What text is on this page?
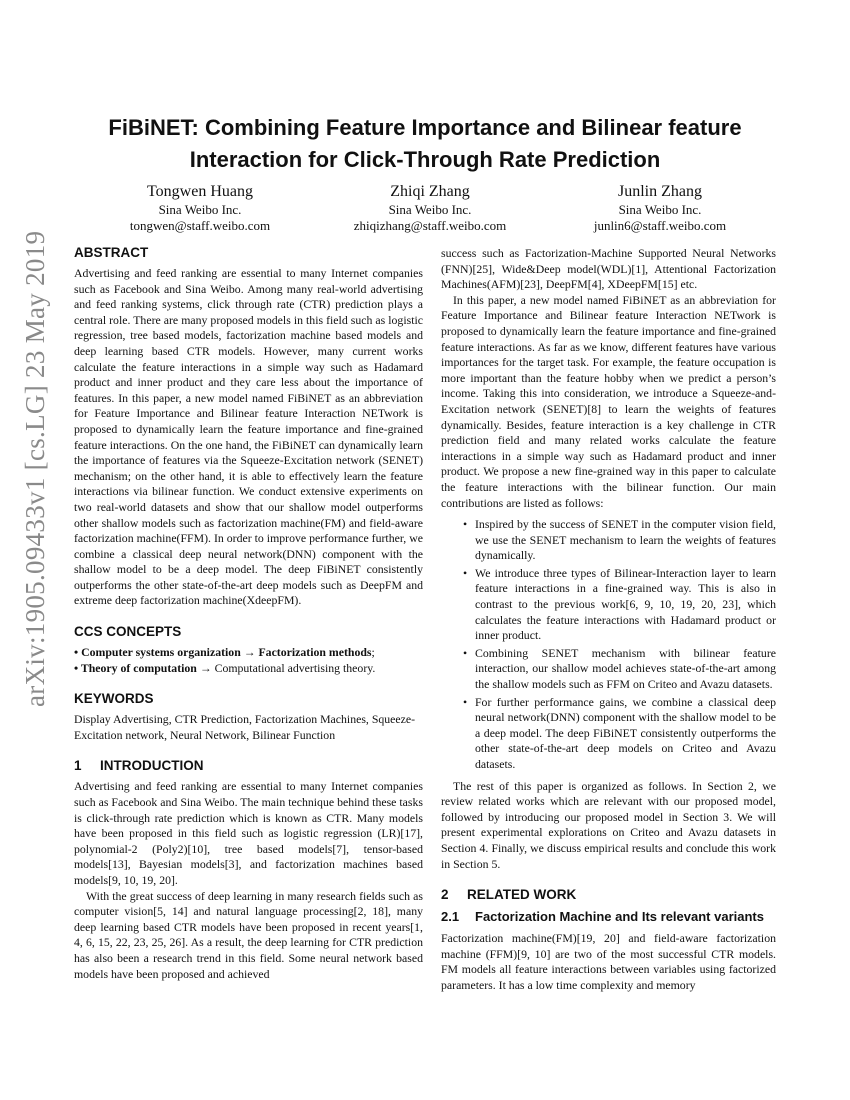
arXiv:1905.09433v1 [cs.LG] 23 May 2019
FiBiNET: Combining Feature Importance and Bilinear feature
Interaction for Click-Through Rate Prediction
Tongwen Huang
Sina Weibo Inc.
tongwen@staff.weibo.com
Zhiqi Zhang
Sina Weibo Inc.
zhiqizhang@staff.weibo.com
Junlin Zhang
Sina Weibo Inc.
junlin6@staff.weibo.com
ABSTRACT

Advertising and feed ranking are essential to many Internet companies such as Facebook and Sina Weibo. Among many real-world advertising and feed ranking systems, click through rate (CTR) prediction plays a central role. There are many proposed models in this field such as logistic regression, tree based models, factorization machine based models and deep learning based CTR models. However, many current works calculate the feature interactions in a simple way such as Hadamard product and inner product and they care less about the importance of features. In this paper, a new model named FiBiNET as an abbreviation for Feature Importance and Bilinear feature Interaction NETwork is proposed to dynamically learn the feature importance and fine-grained feature interactions. On the one hand, the FiBiNET can dynamically learn the importance of features via the Squeeze-Excitation network (SENET) mechanism; on the other hand, it is able to effectively learn the feature interactions via bilinear function. We conduct extensive experiments on two real-world datasets and show that our shallow model outperforms other shallow models such as factorization machine(FM) and field-aware factorization machine(FFM). In order to improve performance further, we combine a classical deep neural network(DNN) component with the shallow model to be a deep model. The deep FiBiNET consistently outperforms the other state-of-the-art deep models such as DeepFM and extreme deep factorization machine(XdeepFM).

CCS CONCEPTS
• Computer systems organization → Factorization methods;
• Theory of computation → Computational advertising theory.
KEYWORDS

Display Advertising, CTR Prediction, Factorization Machines, Squeeze-Excitation network, Neural Network, Bilinear Function

1 INTRODUCTION

Advertising and feed ranking are essential to many Internet companies such as Facebook and Sina Weibo. The main technique behind these tasks is click-through rate prediction which is known as CTR. Many models have been proposed in this field such as logistic regression (LR)[17], polynomial-2 (Poly2)[10], tree based models[7], tensor-based models[13], Bayesian models[3], and factorization machines based models[9, 10, 19, 20].

With the great success of deep learning in many research fields such as computer vision[5, 14] and natural language processing[2, 18], many deep learning based CTR models have been proposed in recent years[1, 4, 6, 15, 22, 23, 25, 26]. As a result, the deep learning for CTR prediction has also been a research trend in this field. Some neural network based models have been proposed and achieved

success such as Factorization-Machine Supported Neural Networks (FNN)[25], Wide&Deep model(WDL)[1], Attentional Factorization Machines(AFM)[23], DeepFM[4], XDeepFM[15] etc.

In this paper, a new model named FiBiNET as an abbreviation for Feature Importance and Bilinear feature Interaction NETwork is proposed to dynamically learn the feature importance and fine-grained feature interactions. As far as we know, different features have various importances for the target task. For example, the feature occupation is more important than the feature hobby when we predict a person’s income. Taking this into consideration, we introduce a Squeeze-and-Excitation network (SENET)[8] to learn the weights of features dynamically. Besides, feature interaction is a key challenge in CTR prediction field and many related works calculate the feature interactions in a simple way such as Hadamard product and inner product. We propose a new fine-grained way in this paper to calculate the feature interactions with the bilinear function. Our main contributions are listed as follows:

• Inspired by the success of SENET in the computer vision field, we use the SENET mechanism to learn the weights of features dynamically.
• We introduce three types of Bilinear-Interaction layer to learn feature interactions in a fine-grained way. This is also in contrast to the previous work[6, 9, 10, 19, 20, 23], which calculates the feature interactions with Hadamard product or inner product.
• Combining SENET mechanism with bilinear feature interaction, our shallow model achieves state-of-the-art among the shallow models such as FFM on Criteo and Avazu datasets.
• For further performance gains, we combine a classical deep neural network(DNN) component with the shallow model to be a deep model. The deep FiBiNET consistently outperforms the other state-of-the-art deep models on Criteo and Avazu datasets.

The rest of this paper is organized as follows. In Section 2, we review related works which are relevant with our proposed model, followed by introducing our proposed model in Section 3. We will present experimental explorations on Criteo and Avazu datasets in Section 4. Finally, we discuss empirical results and conclude this work in Section 5.

2 RELATED WORK
2.1	Factorization Machine and Its relevant variants

Factorization machine(FM)[19, 20] and field-aware factorization machine (FFM)[9, 10] are two of the most successful CTR models. FM models all feature interactions between variables using factorized parameters. It has a low time complexity and memory
